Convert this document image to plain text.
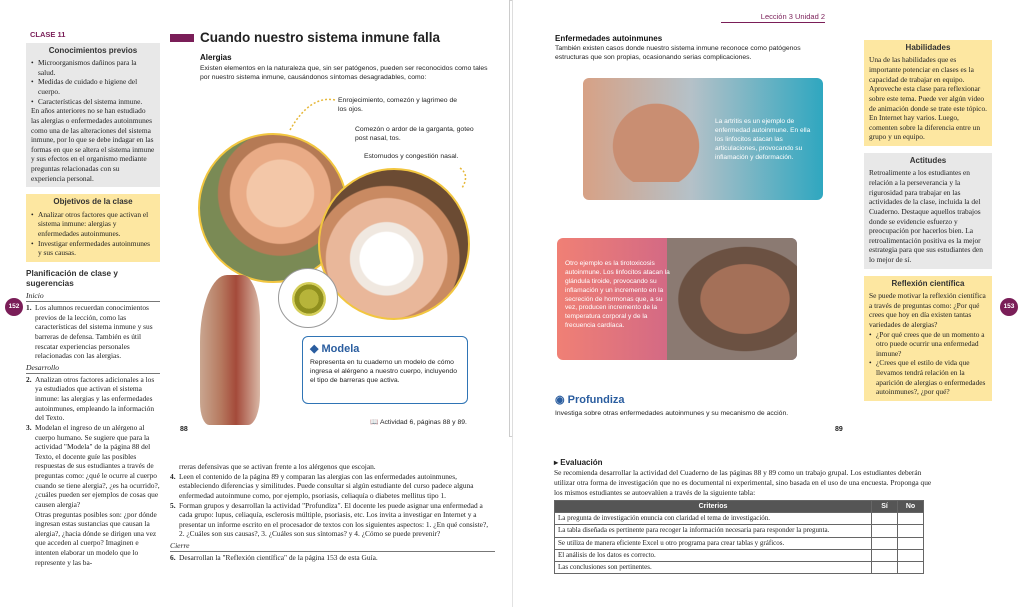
CLASE 11
Conocimientos previos
• Microorganismos dañinos para la salud.
• Medidas de cuidado e higiene del cuerpo.
• Características del sistema inmune.
En años anteriores no se han estudiado las alergias o enfermedades autoinmunes como una de las alteraciones del sistema inmune, por lo que se debe indagar en las formas en que se altera el sistema inmune y sus efectos en el organismo mediante preguntas relacionadas con su experiencia personal.
Objetivos de la clase
• Analizar otros factores que activan el sistema inmune: alergias y enfermedades autoinmunes.
• Investigar enfermedades autoinmunes y sus causas.
Planificación de clase y sugerencias
Inicio
1. Los alumnos recuerdan conocimientos previos de la lección, como las características del sistema inmune y sus barreras de defensa. También es útil rescatar experiencias personales relacionadas con las alergias.
Desarrollo
2. Analizan otros factores adicionales a los ya estudiados que activan el sistema inmune: las alergias y las enfermedades autoinmunes, empleando la información del Texto.
3. Modelan el ingreso de un alérgeno al cuerpo humano. Se sugiere que para la actividad "Modela" de la página 88 del Texto, el docente guíe las posibles respuestas de sus estudiantes a través de preguntas como: ¿qué le ocurre al cuerpo cuando se tiene alergia?, ¿es ha ocurrido?, ¿cuáles pueden ser ejemplos de cosas que causen alergia?
Otras preguntas posibles son: ¿por dónde ingresan estas sustancias que causan la alergia?, ¿hacia dónde se dirigen una vez que acceden al cuerpo? Imaginen e intenten elaborar un modelo que lo represente y las ba-
152
Cuando nuestro sistema inmune falla
Alergias
Existen elementos en la naturaleza que, sin ser patógenos, pueden ser reconocidos como tales por nuestro sistema inmune, causándonos síntomas desagradables, como:
Enrojecimiento, comezón y lagrimeo de los ojos.
Comezón o ardor de la garganta, goteo post nasal, tos.
Estornudos y congestión nasal.
◆ Modela
Representa en tu cuaderno un modelo de cómo ingresa el alérgeno a nuestro cuerpo, incluyendo el tipo de barreras que activa.
📖 Actividad 6, páginas 88 y 89.
88
Lección 3 Unidad 2
Enfermedades autoinmunes
También existen casos donde nuestro sistema inmune reconoce como patógenos estructuras que son propias, ocasionando serias complicaciones.
La artritis es un ejemplo de enfermedad autoinmune. En ella los linfocitos atacan las articulaciones, provocando su inflamación y deformación.
Otro ejemplo es la tirotoxicosis autoinmune. Los linfocitos atacan la glándula tiroide, provocando su inflamación y un incremento en la secreción de hormonas que, a su vez, producen incremento de la temperatura corporal y de la frecuencia cardíaca.
◉ Profundiza
Investiga sobre otras enfermedades autoinmunes y su mecanismo de acción.
89
Habilidades
Una de las habilidades que es importante potenciar en clases es la capacidad de trabajar en equipo. Aproveche esta clase para reflexionar sobre este tema. Puede ver algún video de animación donde se trate este tópico. En Internet hay varios. Luego, comenten sobre la diferencia entre un grupo y un equipo.
Actitudes
Retroalimente a los estudiantes en relación a la perseverancia y la rigurosidad para trabajar en las actividades de la clase, incluida la del Cuaderno. Destaque aquellos trabajos donde se evidencie esfuerzo y preocupación por hacerlos bien. La retroalimentación positiva es la mejor estrategia para que sus estudiantes den lo mejor de sí.
Reflexión científica
Se puede motivar la reflexión científica a través de preguntas como: ¿Por qué crees que hoy en día existen tantas variedades de alergias?
• ¿Por qué crees que de un momento a otro puede ocurrir una enfermedad inmune?
• ¿Crees que el estilo de vida que llevamos tendrá relación en la aparición de alergias o enfermedades autoinmunes?, ¿por qué?
153
rreras defensivas que se activan frente a los alérgenos que escojan.
4. Leen el contenido de la página 89 y comparan las alergias con las enfermedades autoinmunes, estableciendo diferencias y similitudes. Puede consultar si algún estudiante del curso padece alguna enfermedad autoinmune como, por ejemplo, psoriasis, celiaquía o diabetes mellitus tipo 1.
5. Forman grupos y desarrollan la actividad "Profundiza". El docente les puede asignar una enfermedad a cada grupo: lupus, celiaquía, esclerosis múltiple, psoriasis, etc. Los invita a investigar en Internet y a presentar un informe escrito en el procesador de textos con los siguientes aspectos: 1. ¿En qué consiste?, 2. ¿Cuáles son sus causas?, 3. ¿Cuáles son sus síntomas? y 4. ¿Cómo se puede prevenir?
Cierre
6. Desarrollan la "Reflexión científica" de la página 153 de esta Guía.
▸ Evaluación
Se recomienda desarrollar la actividad del Cuaderno de las páginas 88 y 89 como un trabajo grupal. Los estudiantes deberán utilizar otra forma de investigación que no es documental ni experimental, sino basada en el uso de una encuesta. Proponga que los mismos estudiantes se autoevalúen a través de la siguiente tabla:
Criterios	Sí	No
La pregunta de investigación enuncia con claridad el tema de investigación.		
La tabla diseñada es pertinente para recoger la información necesaria para responder la pregunta.		
Se utiliza de manera eficiente Excel u otro programa para crear tablas y gráficos.		
El análisis de los datos es correcto.		
Las conclusiones son pertinentes.		
